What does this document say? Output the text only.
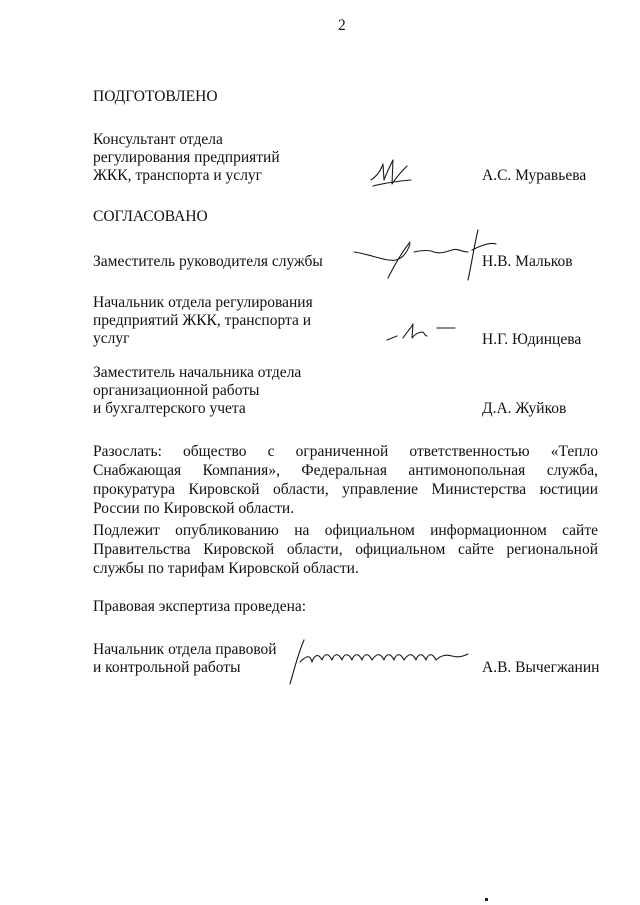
2
ПОДГОТОВЛЕНО
Консультант отдела
регулирования предприятий
ЖКК, транспорта и услуг	А.С. Муравьева
СОГЛАСОВАНО
Заместитель руководителя службы	Н.В. Мальков
Начальник отдела регулирования
предприятий ЖКК, транспорта и
услуг	Н.Г. Юдинцева
Заместитель начальника отдела
организационной работы
и бухгалтерского учета	Д.А. Жуйков
Разослать: общество с ограниченной ответственностью «Тепло Снабжающая Компания», Федеральная антимонопольная служба, прокуратура Кировской области, управление Министерства юстиции России по Кировской области.
Подлежит опубликованию на официальном информационном сайте Правительства Кировской области, официальном сайте региональной службы по тарифам Кировской области.
Правовая экспертиза проведена:
Начальник отдела правовой
и контрольной работы	А.В. Вычегжанин
